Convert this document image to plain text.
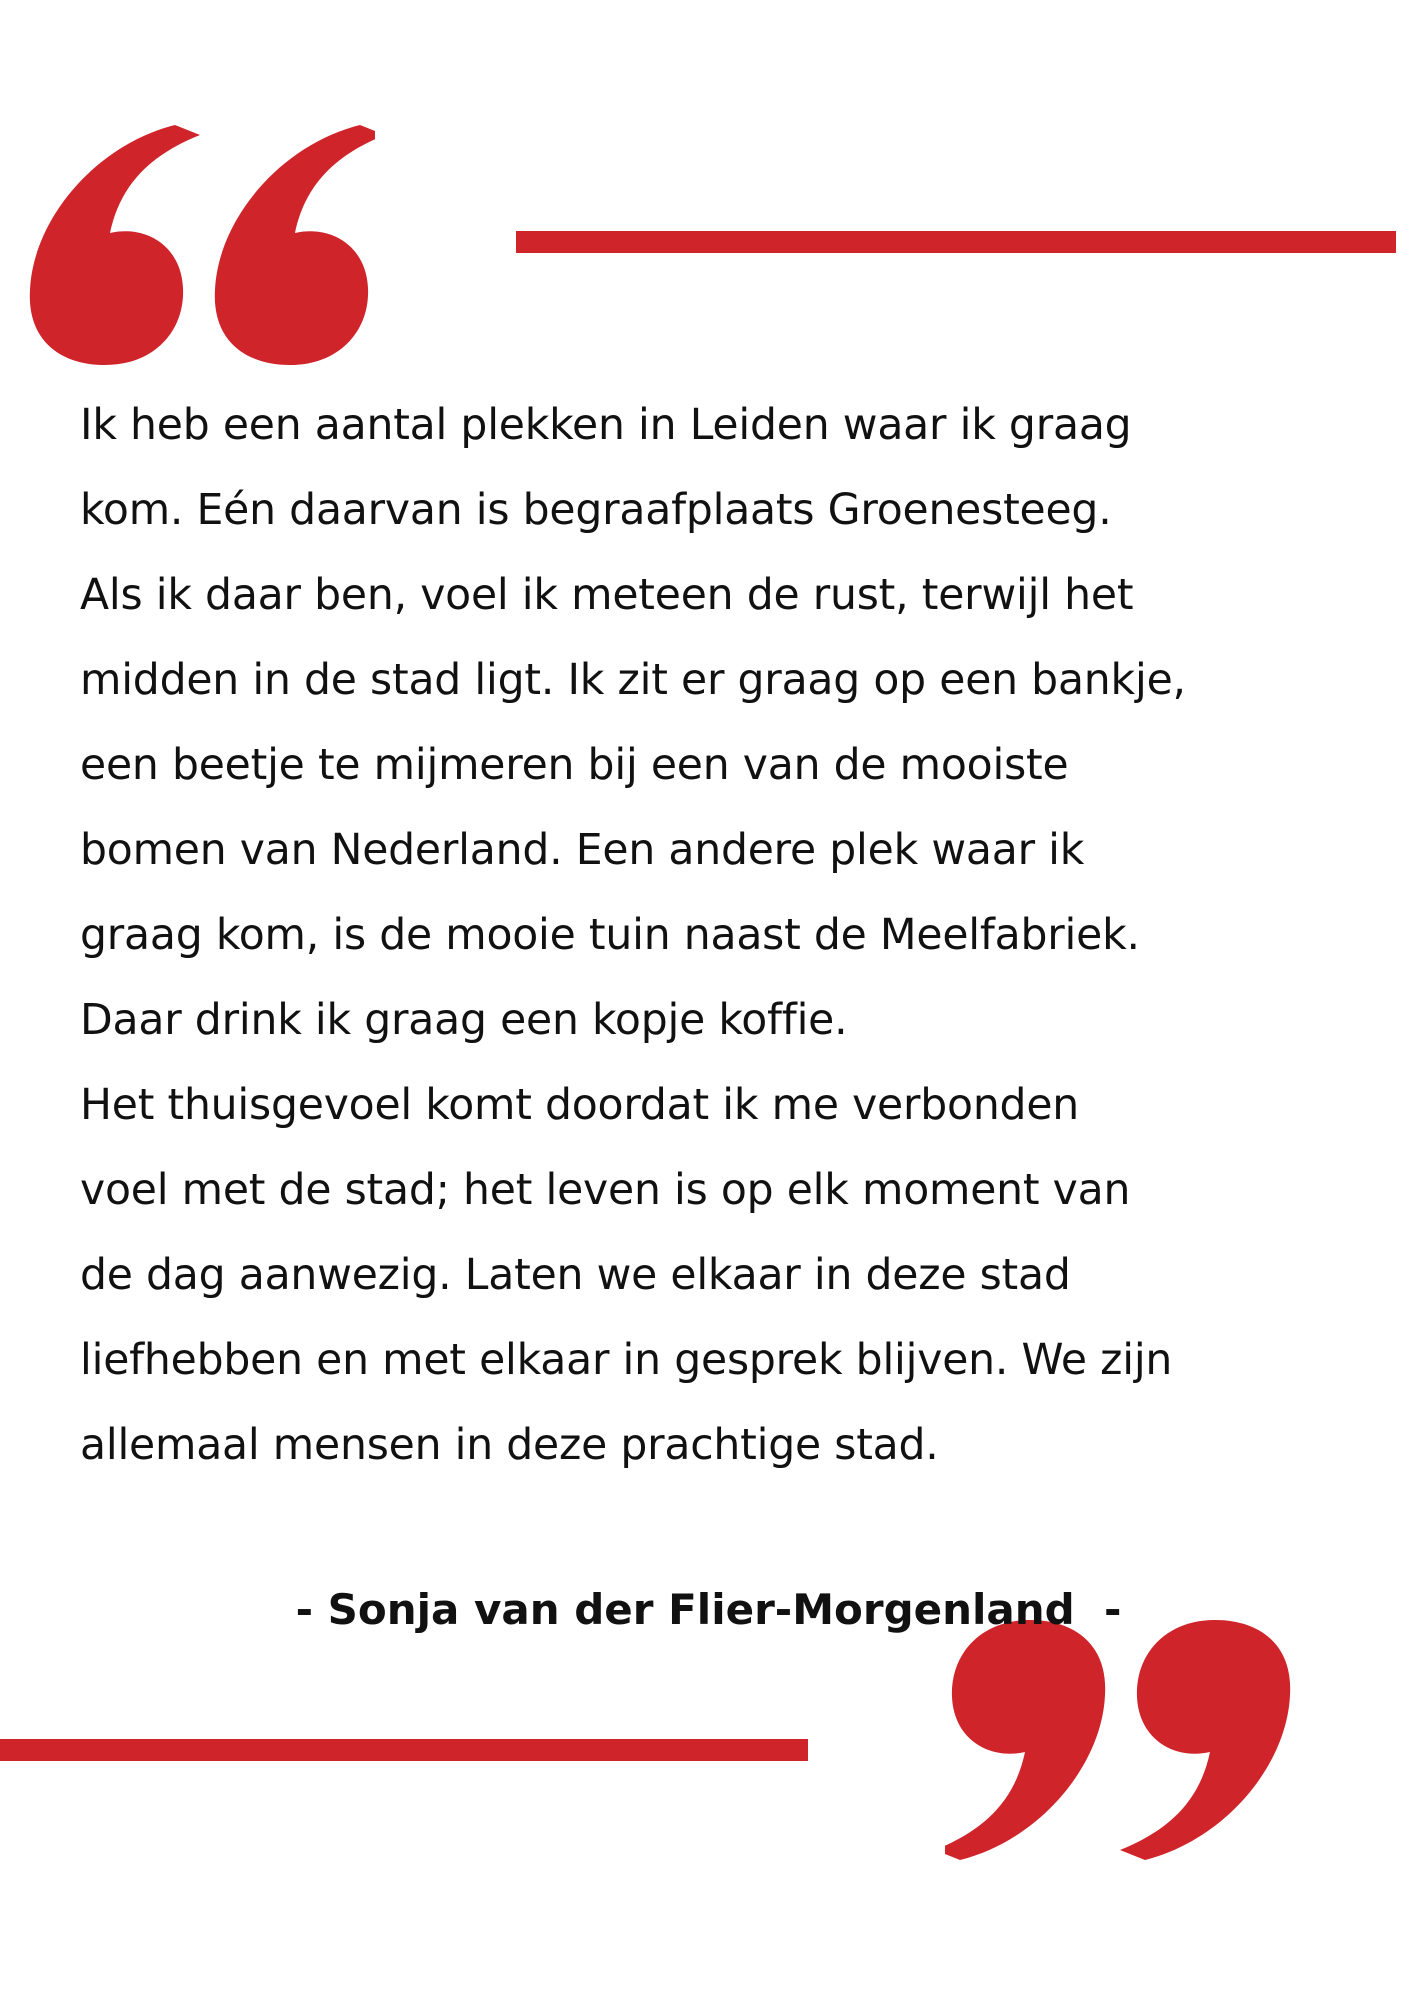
Ik heb een aantal plekken in Leiden waar ik graag
kom. Eén daarvan is begraafplaats Groenesteeg.
Als ik daar ben, voel ik meteen de rust, terwijl het
midden in de stad ligt. Ik zit er graag op een bankje,
een beetje te mijmeren bij een van de mooiste
bomen van Nederland. Een andere plek waar ik
graag kom, is de mooie tuin naast de Meelfabriek.
Daar drink ik graag een kopje koffie.
Het thuisgevoel komt doordat ik me verbonden
voel met de stad; het leven is op elk moment van
de dag aanwezig. Laten we elkaar in deze stad
liefhebben en met elkaar in gesprek blijven. We zijn
allemaal mensen in deze prachtige stad.

- Sonja van der Flier-Morgenland  -
